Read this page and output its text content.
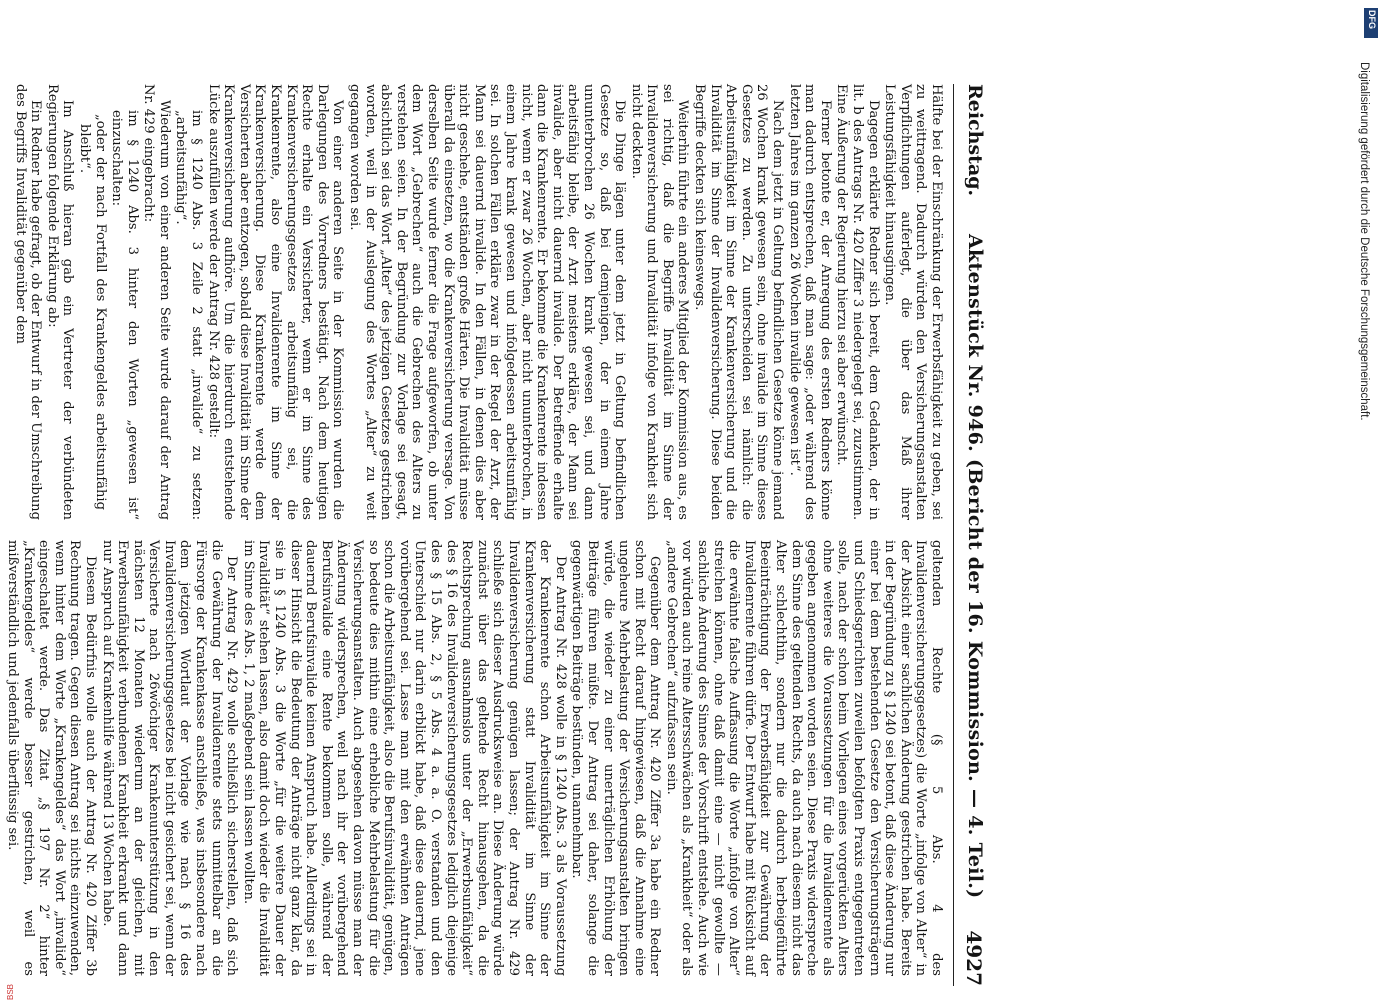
Reichstag.
Aktenstück Nr. 946. (Bericht der 16. Kommission. — 4. Teil.)
4927

Hälfte bei der Einschränkung der Erwerbsfähigkeit zu geben, sei zu weittragend. Dadurch würden den Versicherungsanstalten Verpflichtungen auferlegt, die über das Maß ihrer Leistungsfähigkeit hinausgingen.

Dagegen erklärte Redner sich bereit, dem Gedanken, der in lit. b des Antrags Nr. 420 Ziffer 3 niedergelegt sei, zuzustimmen. Eine Äußerung der Regierung hierzu sei aber erwünscht.

Ferner betonte er, der Anregung des ersten Redners könne man dadurch entsprechen, daß man sage: „oder während des letzten Jahres im ganzen 26 Wochen invalide gewesen ist“.

Nach dem jetzt in Geltung befindlichen Gesetze könne jemand 26 Wochen krank gewesen sein, ohne invalide im Sinne dieses Gesetzes zu werden. Zu unterscheiden sei nämlich: die Arbeitsunfähigkeit im Sinne der Krankenversicherung und die Invalidität im Sinne der Invalidenversicherung. Diese beiden Begriffe deckten sich keineswegs.

Weiterhin führte ein anderes Mitglied der Kommission aus, es sei richtig, daß die Begriffe Invalidität im Sinne der Invalidenversicherung und Invalidität infolge von Krankheit sich nicht deckten.

Die Dinge lägen unter dem jetzt in Geltung befindlichen Gesetze so, daß bei demjenigen, der in einem Jahre ununterbrochen 26 Wochen krank gewesen sei, und dann arbeitsfähig bleibe, der Arzt meistens erkläre, der Mann sei invalide, aber nicht dauernd invalide. Der Betreffende erhalte dann die Krankenrente. Er bekomme die Krankenrente indessen nicht, wenn er zwar 26 Wochen, aber nicht ununterbrochen, in einem Jahre krank gewesen und infolgedessen arbeitsunfähig sei. In solchen Fällen erkläre zwar in der Regel der Arzt, der Mann sei dauernd invalide. In den Fällen, in denen dies aber nicht geschehe, entständen große Härten. Die Invalidität müsse überall da einsetzen, wo die Krankenversicherung versage. Von derselben Seite wurde ferner die Frage aufgeworfen, ob unter dem Wort „Gebrechen“ auch die Gebrechen des Alters zu verstehen seien. In der Begründung zur Vorlage sei gesagt, absichtlich sei das Wort „Alter“ des jetzigen Gesetzes gestrichen worden, weil in der Auslegung des Wortes „Alter“ zu weit gegangen worden sei.

Von einer anderen Seite in der Kommission wurden die Darlegungen des Vorredners bestätigt. Nach dem heutigen Rechte erhalte ein Versicherter, wenn er im Sinne des Krankenversicherungsgesetzes arbeitsunfähig sei, die Krankenrente, also eine Invalidenrente im Sinne der Krankenversicherung. Diese Krankenrente werde dem Versicherten aber entzogen, sobald diese Invalidität im Sinne der Krankenversicherung aufhöre. Um die hierdurch entstehende Lücke auszufüllen werde der Antrag Nr. 428 gestellt:

im § 1240 Abs. 3 Zeile 2 statt „invalide“ zu setzen: „arbeitsunfähig“.

Wiederum von einer anderen Seite wurde darauf der Antrag Nr. 429 eingebracht:

im § 1240 Abs. 3 hinter den Worten „gewesen ist“ einzuschalten:

„oder der nach Fortfall des Krankengeldes arbeitsunfähig bleibt“.

Im Anschluß hieran gab ein Vertreter der verbündeten Regierungen folgende Erklärung ab:

Ein Redner habe gefragt, ob der Entwurf in der Umschreibung des Begriffs Invalidität gegenüber dem

geltenden Rechte (§ 5 Abs. 4 des Invalidenversicherungsgesetzes) die Worte „infolge von Alter“ in der Absicht einer sachlichen Änderung gestrichen habe. Bereits in der Begründung zu § 1240 sei betont, daß diese Änderung nur einer bei dem bestehenden Gesetze den Versicherungsträgern und Schiedsgerichten zuweilen befolgten Praxis entgegentreten solle, nach der schon beim Vorliegen eines vorgerückten Alters ohne weiteres die Voraussetzungen für die Invalidenrente als gegeben angenommen worden seien. Diese Praxis widerspreche dem Sinne des geltenden Rechts, da auch nach diesem nicht das Alter schlechthin, sondern nur die dadurch herbeigeführte Beeinträchtigung der Erwerbsfähigkeit zur Gewährung der Invalidenrente führen dürfe. Der Entwurf habe mit Rücksicht auf die erwähnte falsche Auffassung die Worte „infolge von Alter“ streichen können, ohne daß damit eine — nicht gewollte — sachliche Änderung des Sinnes der Vorschrift entstehe. Auch wie vor würden auch reine Altersschwächen als „Krankheit“ oder als „andere Gebrechen“ aufzufassen sein.

Gegenüber dem Antrag Nr. 420 Ziffer 3a habe ein Redner schon mit Recht darauf hingewiesen, daß die Annahme eine ungeheure Mehrbelastung der Versicherungsanstalten bringen würde, die wieder zu einer unerträglichen Erhöhung der Beiträge führen müßte. Der Antrag sei daher, solange die gegenwärtigen Beiträge bestünden, unannehmbar.

Der Antrag Nr. 428 wolle in § 1240 Abs. 3 als Voraussetzung der Krankenrente schon Arbeitsunfähigkeit im Sinne der Krankenversicherung statt Invalidität im Sinne der Invalidenversicherung genügen lassen; der Antrag Nr. 429 schließe sich dieser Ausdrucksweise an. Diese Änderung würde zunächst über das geltende Recht hinausgehen, da die Rechtsprechung ausnahmslos unter der „Erwerbsunfähigkeit“ des § 16 des Invalidenversicherungsgesetzes lediglich diejenige des § 15 Abs. 2, § 5 Abs. 4 a. a. O. verstanden und den Unterschied nur darin erblickt habe, daß diese dauernd, jene vorübergehend sei. Lasse man mit den erwähnten Anträgen schon die Arbeitsunfähigkeit, also die Berufsinvalidität, genügen, so bedeute dies mithin eine erhebliche Mehrbelastung für die Versicherungsanstalten. Auch abgesehen davon müsse man der Änderung widersprechen, weil nach ihr der vorübergehend Berufsinvalide eine Rente bekommen solle, während der dauernd Berufsinvalide keinen Anspruch habe. Allerdings sei in dieser Hinsicht die Bedeutung der Anträge nicht ganz klar, da sie in § 1240 Abs. 3 die Worte „für die weitere Dauer der Invalidität“ stehen lassen, also damit doch wieder die Invalidität im Sinne des Abs. 1, 2 maßgebend sein lassen wollten.

Der Antrag Nr. 429 wolle schließlich sicherstellen, daß sich die Gewährung der Invalidenrente stets unmittelbar an die Fürsorge der Krankenkasse anschließe, was insbesondere nach dem jetzigen Wortlaut der Vorlage wie nach § 16 des Invalidenversicherungsgesetzes bei nicht gesichert sei, wenn der Versicherte nach 26wöchiger Krankenunterstützung in den nächsten 12 Monaten wiederum an der gleichen, mit Erwerbsunfähigkeit verbundenen Krankheit erkrankt und dann nur Anspruch auf Krankenhilfe während 13 Wochen habe.

Diesem Bedürfnis wolle auch der Antrag Nr. 420 Ziffer 3b Rechnung tragen. Gegen diesen Antrag sei nichts einzuwenden, wenn hinter dem Worte „Krankengeldes“ das Wort „invalide“ eingeschaltet werde. Das Zitat „§ 197 Nr. 2“ hinter „Krankengeldes“ werde besser gestrichen, weil es mißverständlich und jedenfalls überflüssig sei.

DFG
Digitalisierung gefördert durch die Deutsche Forschungsgemeinschaft.
BSB
